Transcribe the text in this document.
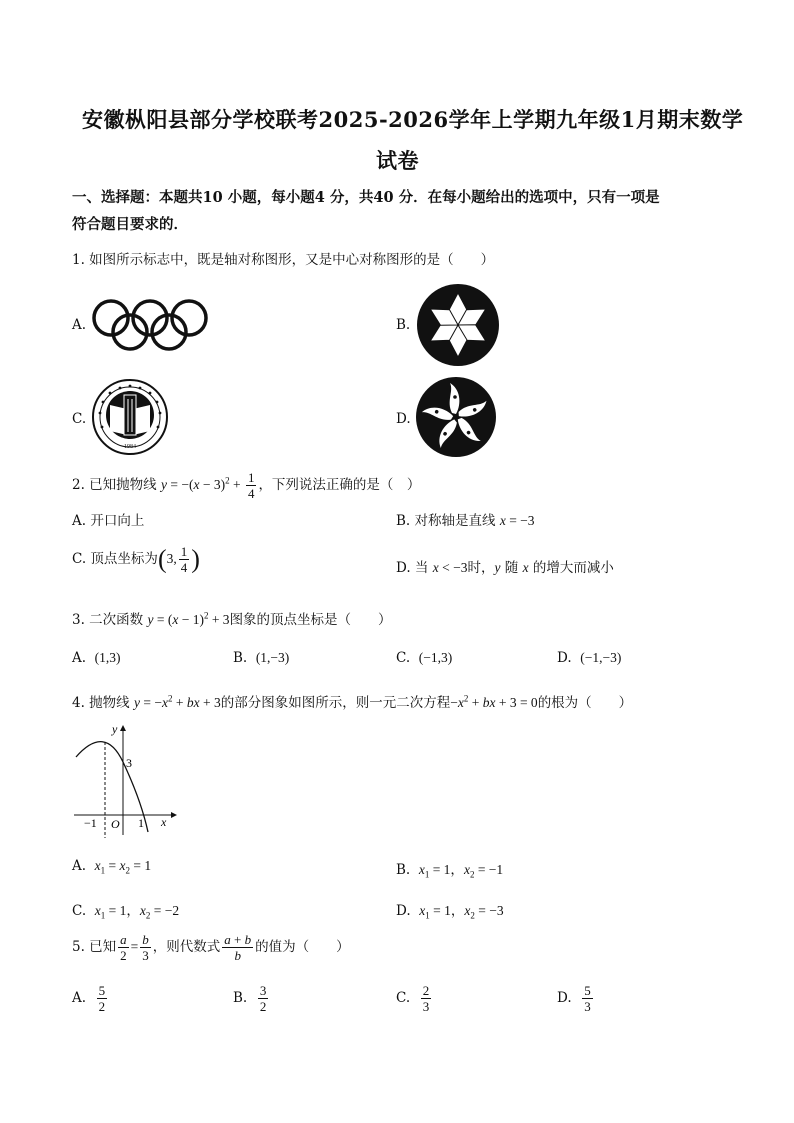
安徽枞阳县部分学校联考2025-2026学年上学期九年级1月期末数学
试卷
一、选择题：本题共10 小题，每小题4 分，共40 分．在每小题给出的选项中，只有一项是
符合题目要求的．
1. 如图所示标志中，既是轴对称图形，又是中心对称图形的是（　　）
A.	B.
C.
1984
D.
2. 已知抛物线 $y = -(x - 3)^2 + \frac{1}{4}$ ，下列说法正确的是（　）
A. 开口向上	B. 对称轴是直线 x = −3
C. 顶点坐标为(3, $\frac{1}{4}$ )	D. 当 x < −3时，y 随 x 的增大而减小
3. 二次函数 $y = (x - 1)^2 + 3$图象的顶点坐标是（　　）
A. (1,3)	B. (1,−3)	C. (−1,3)	D. (−1,−3)
4. 抛物线 $y = -x^2$ + bx + 3的部分图象如图所示，则一元二次方程$-x^2$ + bx + 3 = 0的根为（　　）
y
3
−1 O 1 x
A. $x_1 = x_2 = 1$	B. $x_1 = 1$，$x_2 = -1$
C. $x_1 = 1$，$x_2 = -2$	D. $x_1 = 1$，$x_2 = -3$
5. 已知 $\frac{a}{2} = \frac{b}{3}$ ，则代数式 $\frac{a + b}{b}$ 的值为（　　）
A. $\frac{5}{2}$	B. $\frac{3}{2}$	C. $\frac{2}{3}$	D. $\frac{5}{3}$
